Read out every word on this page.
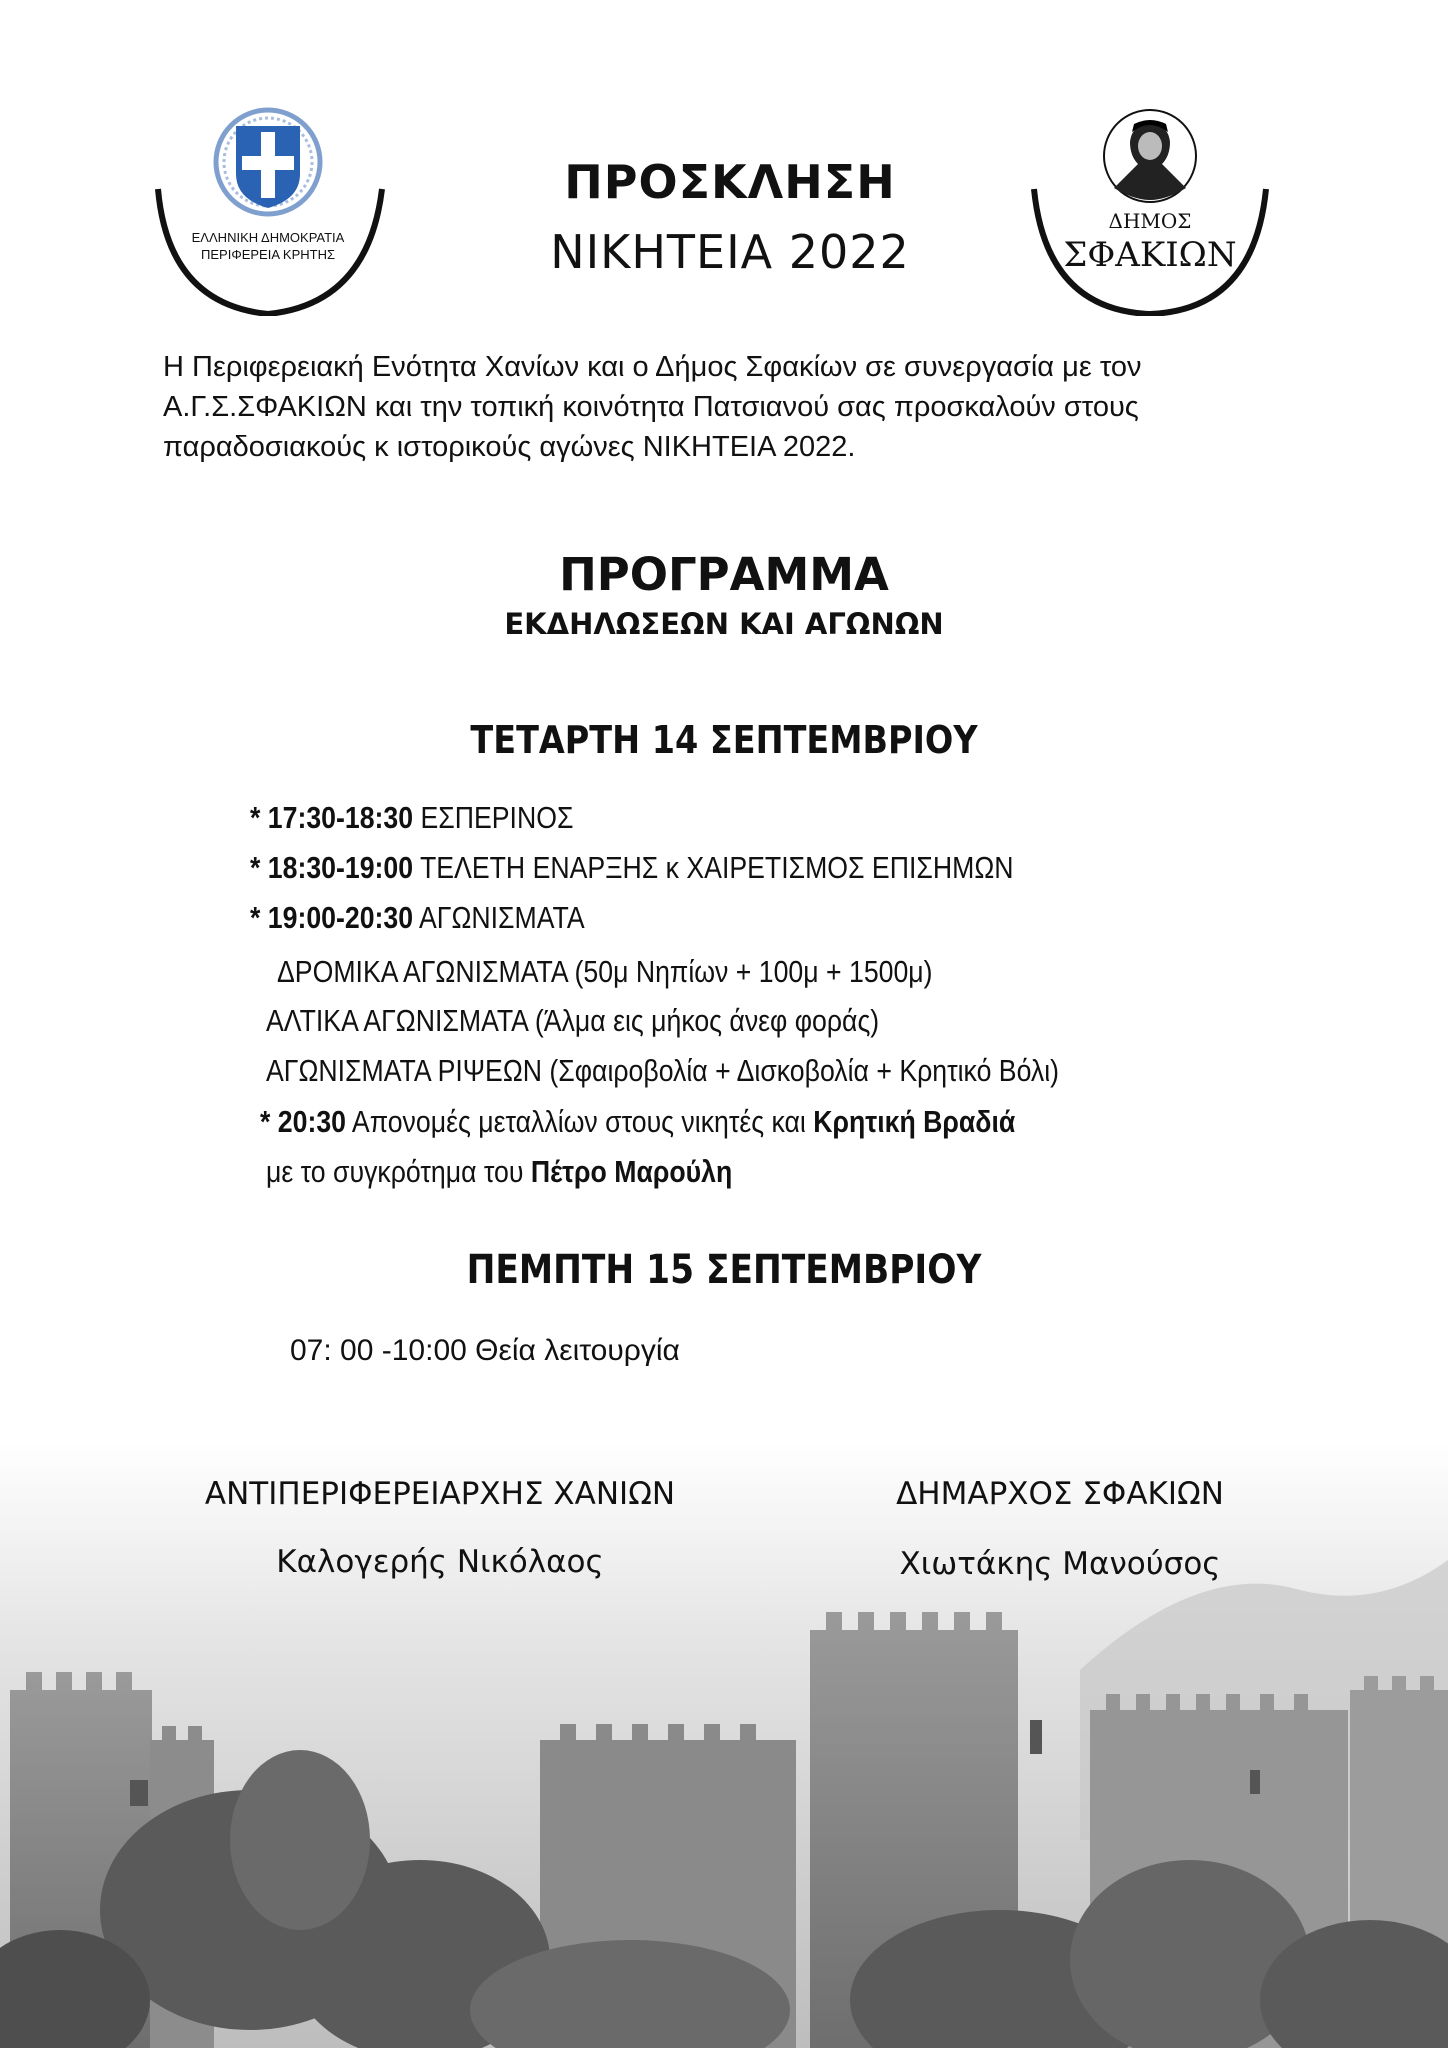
ΕΛΛΗΝΙΚΗ ΔΗΜΟΚΡΑΤΙΑ
ΠΕΡΙΦΕΡΕΙΑ ΚΡΗΤΗΣ
ΠΡΟΣΚΛΗΣΗ
ΝΙΚΗΤΕΙΑ 2022
ΔΗΜΟΣ
ΣΦΑΚΙΩΝ
Η Περιφερειακή Ενότητα Χανίων και ο Δήμος Σφακίων σε συνεργασία με τον
Α.Γ.Σ.ΣΦΑΚΙΩΝ και την τοπική κοινότητα Πατσιανού σας προσκαλούν στους
παραδοσιακούς κ ιστορικούς αγώνες ΝΙΚΗΤΕΙΑ 2022.
ΠΡΟΓΡΑΜΜΑ
ΕΚΔΗΛΩΣΕΩΝ ΚΑΙ ΑΓΩΝΩΝ
ΤΕΤΑΡΤΗ 14 ΣΕΠΤΕΜΒΡΙΟΥ
* 17:30-18:30 ΕΣΠΕΡΙΝΟΣ
* 18:30-19:00 ΤΕΛΕΤΗ ΕΝΑΡΞΗΣ κ ΧΑΙΡΕΤΙΣΜΟΣ ΕΠΙΣΗΜΩΝ
* 19:00-20:30 ΑΓΩΝΙΣΜΑΤΑ
ΔΡΟΜΙΚΑ ΑΓΩΝΙΣΜΑΤΑ (50μ Νηπίων + 100μ + 1500μ)
ΑΛΤΙΚΑ ΑΓΩΝΙΣΜΑΤΑ (Άλμα εις μήκος άνεφ φοράς)
ΑΓΩΝΙΣΜΑΤΑ ΡΙΨΕΩΝ (Σφαιροβολία + Δισκοβολία + Κρητικό Βόλι)
* 20:30 Απονομές μεταλλίων στους νικητές και Κρητική Βραδιά
με το συγκρότημα του Πέτρο Μαρούλη
ΠΕΜΠΤΗ 15 ΣΕΠΤΕΜΒΡΙΟΥ
07: 00 -10:00 Θεία λειτουργία
ΑΝΤΙΠΕΡΙΦΕΡΕΙΑΡΧΗΣ ΧΑΝΙΩΝ
Καλογερής Νικόλαος
ΔΗΜΑΡΧΟΣ ΣΦΑΚΙΩΝ
Χιωτάκης Μανούσος
